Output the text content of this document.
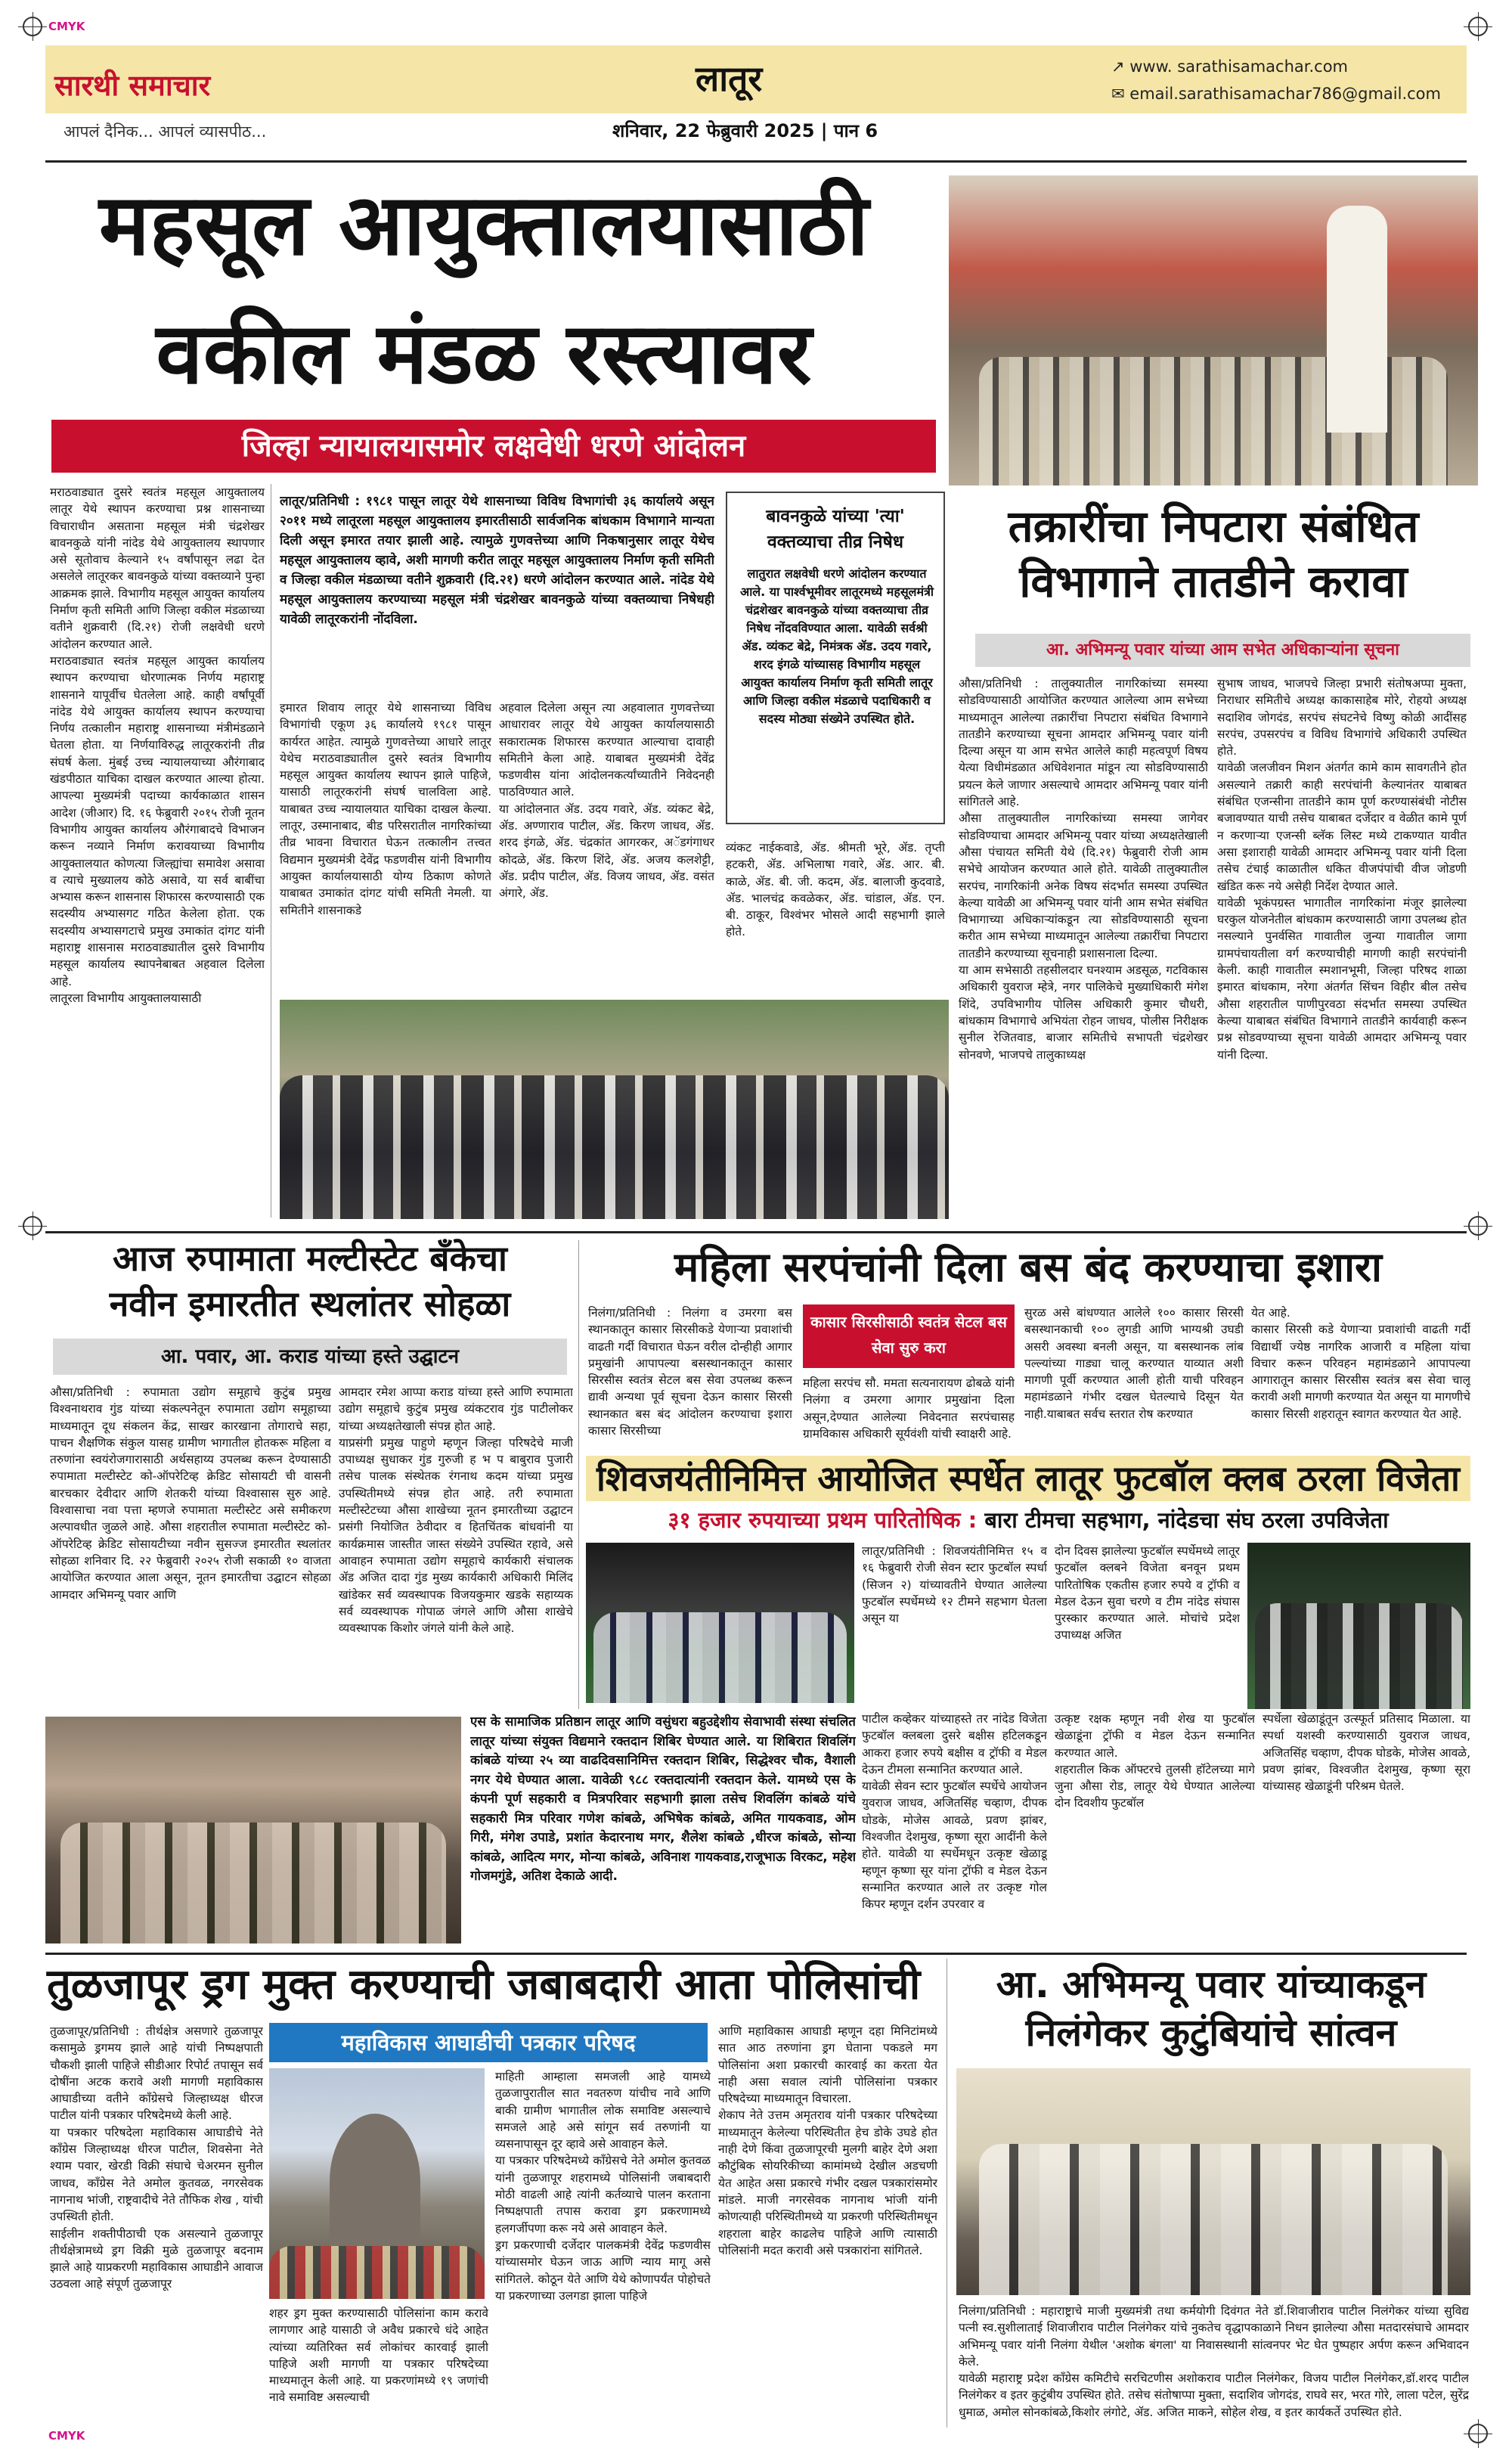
CMYK
CMYK
सारथी समाचार
आपलं दैनिक... आपलं व्यासपीठ...
लातूर
शनिवार, 22 फेब्रुवारी 2025 | पान 6
↗ www. sarathisamachar.com
✉ email.sarathisamachar786@gmail.com
महसूल आयुक्तालयासाठी
वकील मंडळ रस्त्यावर
जिल्हा न्यायालयासमोर लक्षवेधी धरणे आंदोलन
मराठवाड्यात दुसरे स्वतंत्र महसूल आयुक्तालय लातूर येथे स्थापन करण्याचा प्रश्न शासनाच्या विचाराधीन असताना महसूल मंत्री चंद्रशेखर बावनकुळे यांनी नांदेड येथे आयुक्तालय स्थापणार असे सूतोवाच केल्याने १५ वर्षांपासून लढा देत असलेले लातूरकर बावनकुळे यांच्या वक्तव्याने पुन्हा आक्रमक झाले. विभागीय महसूल आयुक्त कार्यालय निर्माण कृती समिती आणि जिल्हा वकील मंडळाच्या वतीने शुक्रवारी (दि.२१) रोजी लक्षवेधी धरणे आंदोलन करण्यात आले.
मराठवाड्यात स्वतंत्र महसूल आयुक्त कार्यालय स्थापन करण्याचा धोरणात्मक निर्णय महाराष्ट्र शासनाने यापूर्वीच घेतलेला आहे. काही वर्षांपूर्वी नांदेड येथे आयुक्त कार्यालय स्थापन करण्याचा निर्णय तत्कालीन महाराष्ट्र शासनाच्या मंत्रीमंडळाने घेतला होता. या निर्णयाविरुद्ध लातूरकरांनी तीव्र संघर्ष केला. मुंबई उच्च न्यायालयाच्या औरंगाबाद खंडपीठात याचिका दाखल करण्यात आल्या होत्या. आपल्या मुख्यमंत्री पदाच्या कार्यकाळात शासन आदेश (जीआर) दि. १६ फेब्रुवारी २०१५ रोजी नूतन विभागीय आयुक्त कार्यालय औरंगाबादचे विभाजन करून नव्याने निर्माण करावयाच्या विभागीय आयुक्तालयात कोणत्या जिल्ह्यांचा समावेश असावा व त्याचे मुख्यालय कोठे असावे, या सर्व बाबींचा अभ्यास करून शासनास शिफारस करण्यासाठी एक सदस्यीय अभ्यासगट गठित केलेला होता. एक सदस्यीय अभ्यासगटाचे प्रमुख उमाकांत दांगट यांनी महाराष्ट्र शासनास मराठवाड्यातील दुसरे विभागीय महसूल कार्यालय स्थापनेबाबत अहवाल दिलेला आहे.
लातूरला विभागीय आयुक्तालयासाठी
लातूर/प्रतिनिधी : १९८१ पासून लातूर येथे शासनाच्या विविध विभागांची ३६ कार्यालये असून २०११ मध्ये लातूरला महसूल आयुक्तालय इमारतीसाठी सार्वजनिक बांधकाम विभागाने मान्यता दिली असून इमारत तयार झाली आहे. त्यामुळे गुणवत्तेच्या आणि निकषानुसार लातूर येथेच महसूल आयुक्तालय व्हावे, अशी मागणी करीत लातूर महसूल आयुक्तालय निर्माण कृती समिती व जिल्हा वकील मंडळाच्या वतीने शुक्रवारी (दि.२१) धरणे आंदोलन करण्यात आले. नांदेड येथे महसूल आयुक्तालय करण्याच्या महसूल मंत्री चंद्रशेखर बावनकुळे यांच्या वक्तव्याचा निषेधही यावेळी लातूरकरांनी नोंदविला.
बावनकुळे यांच्या 'त्या' वक्तव्याचा तीव्र निषेध
लातुरात लक्षवेधी धरणे आंदोलन करण्यात आले. या पार्श्वभूमीवर लातूरमध्ये महसूलमंत्री चंद्रशेखर बावनकुळे यांच्या वक्तव्याचा तीव्र निषेध नोंदवविण्यात आला. यावेळी सर्वश्री ॲड. व्यंकट बेद्रे, निमंत्रक ॲड. उदय गवारे, शरद इंगळे यांच्यासह विभागीय महसूल आयुक्त कार्यालय निर्माण कृती समिती लातूर आणि जिल्हा वकील मंडळाचे पदाधिकारी व सदस्य मोठ्या संख्येने उपस्थित होते.
इमारत शिवाय लातूर येथे शासनाच्या विविध विभागांची एकूण ३६ कार्यालये १९८१ पासून कार्यरत आहेत. त्यामुळे गुणवत्तेच्या आधारे लातूर येथेच मराठवाड्यातील दुसरे स्वतंत्र विभागीय महसूल आयुक्त कार्यालय स्थापन झाले पाहिजे, यासाठी लातूरकरांनी संघर्ष चालविला आहे. याबाबत उच्च न्यायालयात याचिका दाखल केल्या. लातूर, उस्मानाबाद, बीड परिसरातील नागरिकांच्या तीव्र भावना विचारात घेऊन तत्कालीन तत्त्वत विद्यमान मुख्यमंत्री देवेंद्र फडणवीस यांनी विभागीय आयुक्त कार्यालयासाठी योग्य ठिकाण कोणते याबाबत उमाकांत दांगट यांची समिती नेमली. या समितीने शासनाकडे
अहवाल दिलेला असून त्या अहवालात गुणवत्तेच्या आधारावर लातूर येथे आयुक्त कार्यालयासाठी सकारात्मक शिफारस करण्यात आल्याचा दावाही समितीने केला आहे. याबाबत मुख्यमंत्री देवेंद्र फडणवीस यांना आंदोलनकर्त्यांच्यातीने निवेदनही पाठविण्यात आले.
या आंदोलनात ॲड. उदय गवारे, ॲड. व्यंकट बेद्रे, ॲड. अण्णाराव पाटील, ॲड. किरण जाधव, ॲड. शरद इंगळे, ॲड. चंद्रकांत आगरकर, अॅडगंगाधर कोदळे, ॲड. किरण शिंदे, ॲड. अजय कलशेट्टी, ॲड. प्रदीप पाटील, ॲड. विजय जाधव, ॲड. वसंत अंगारे, ॲड.
व्यंकट नाईकवाडे, ॲड. श्रीमती भूरे, ॲड. तृप्ती हटकरी, ॲड. अभिलाषा गवारे, ॲड. आर. बी. काळे, ॲड. बी. जी. कदम, ॲड. बालाजी कुदवाडे, ॲड. भालचंद्र कवळेकर, ॲड. चांडाल, ॲड. एन. बी. ठाकूर, विश्वंभर भोसले आदी सहभागी झाले होते.
तक्रारींचा निपटारा संबंधित विभागाने तातडीने करावा
आ. अभिमन्यू पवार यांच्या आम सभेत अधिकाऱ्यांना सूचना
औसा/प्रतिनिधी : तालुक्यातील नागरिकांच्या समस्या सोडविण्यासाठी आयोजित करण्यात आलेल्या आम सभेच्या माध्यमातून आलेल्या तक्रारींचा निपटारा संबंधित विभागाने तातडीने करण्याच्या सूचना आमदार अभिमन्यू पवार यांनी दिल्या असून या आम सभेत आलेले काही महत्वपूर्ण विषय येत्या विधीमंडळात अधिवेशनात मांडून त्या सोडविण्यासाठी प्रयत्न केले जाणार असल्याचे आमदार अभिमन्यू पवार यांनी सांगितले आहे.
औसा तालुक्यातील नागरिकांच्या समस्या जागेवर सोडविण्याचा आमदार अभिमन्यू पवार यांच्या अध्यक्षतेखाली औसा पंचायत समिती येथे (दि.२१) फेब्रुवारी रोजी आम सभेचे आयोजन करण्यात आले होते. यावेळी तालुक्यातील सरपंच, नागरिकांनी अनेक विषय संदर्भात समस्या उपस्थित केल्या यावेळी आ अभिमन्यू पवार यांनी आम सभेत संबंधित विभागाच्या अधिकाऱ्यांकडून त्या सोडविण्यासाठी सूचना करीत आम सभेच्या माध्यमातून आलेल्या तक्रारींचा निपटारा तातडीने करण्याच्या सूचनाही प्रशासनाला दिल्या.
या आम सभेसाठी तहसीलदार घनश्याम अडसूळ, गटविकास अधिकारी युवराज म्हेत्रे, नगर पालिकेचे मुख्याधिकारी मंगेश शिंदे, उपविभागीय पोलिस अधिकारी कुमार चौधरी, बांधकाम विभागाचे अभियंता रोहन जाधव, पोलीस निरीक्षक सुनील रेजितवाड, बाजार समितीचे सभापती चंद्रशेखर सोनवणे, भाजपचे तालुकाध्यक्ष
सुभाष जाधव, भाजपचे जिल्हा प्रभारी संतोषअप्पा मुक्ता, निराधार समितीचे अध्यक्ष काकासाहेब मोरे, रोहयो अध्यक्ष सदाशिव जोगदंड, सरपंच संघटनेचे विष्णु कोळी आदींसह सरपंच, उपसरपंच व विविध विभागांचे अधिकारी उपस्थित होते.
यावेळी जलजीवन मिशन अंतर्गत कामे काम सावगतीने होत असल्याने तक्रारी काही सरपंचांनी केल्यानंतर याबाबत संबंधित एजन्सीना तातडीने काम पूर्ण करण्यासंबंधी नोटीस बजावण्यात याची तसेच याबाबत दर्जेदार व वेळीत कामे पूर्ण न करणाऱ्या एजन्सी ब्लॅक लिस्ट मध्ये टाकण्यात यावीत असा इशाराही यावेळी आमदार अभिमन्यू पवार यांनी दिला तसेच टंचाई काळातील धकित वीजपंपांची वीज जोडणी खंडित करू नये असेही निर्देश देण्यात आले.
यावेळी भूकंपग्रस्त भागातील नागरिकांना मंजूर झालेल्या घरकुल योजनेतील बांधकाम करण्यासाठी जागा उपलब्ध होत नसल्याने पुनर्वसित गावातील जुन्या गावातील जागा ग्रामपंचायतीला वर्ग करण्याचीही मागणी काही सरपंचांनी केली. काही गावातील स्मशानभूमी, जिल्हा परिषद शाळा इमारत बांधकाम, नरेगा अंतर्गत सिंचन विहीर बील तसेच औसा शहरातील पाणीपुरवठा संदर्भात समस्या उपस्थित केल्या याबाबत संबंधित विभागाने तातडीने कार्यवाही करून प्रश्न सोडवण्याच्या सूचना यावेळी आमदार अभिमन्यू पवार यांनी दिल्या.
आज रुपामाता मल्टीस्टेट बँकेचा
नवीन इमारतीत स्थलांतर सोहळा
आ. पवार, आ. कराड यांच्या हस्ते उद्घाटन
औसा/प्रतिनिधी : रुपामाता उद्योग समूहाचे कुटुंब प्रमुख विश्वनाथराव गुंड यांच्या संकल्पनेतून रुपामाता उद्योग समूहाच्या माध्यमातून दूध संकलन केंद्र, साखर कारखाना तोगाराचे सहा, पाचन शैक्षणिक संकुल यासह ग्रामीण भागातील होतकरू महिला व तरुणांना स्वयंरोजगारासाठी अर्थसहाय्य उपलब्ध करून देण्यासाठी रुपामाता मल्टीस्टेट को-ऑपरेटिव्ह क्रेडिट सोसायटी ची वासनी बारचकार देवीदार आणि शेतकरी यांच्या विश्वासास सुरु आहे. विश्वासाचा नवा पत्ता म्हणजे रुपामाता मल्टीस्टेट असे समीकरण अल्पावधीत जुळले आहे. औसा शहरातील रुपामाता मल्टीस्टेट को-ऑपरेटिव्ह क्रेडिट सोसायटीच्या नवीन सुसज्ज इमारतीत स्थलांतर सोहळा शनिवार दि. २२ फेब्रुवारी २०२५ रोजी सकाळी १० वाजता आयोजित करण्यात आला असून, नूतन इमारतीचा उद्घाटन सोहळा आमदार अभिमन्यू पवार आणि
आमदार रमेश आप्पा कराड यांच्या हस्ते आणि रुपामाता उद्योग समूहाचे कुटुंब प्रमुख व्यंकटराव गुंड पाटीलोकर यांच्या अध्यक्षतेखाली संपन्न होत आहे.
याप्रसंगी प्रमुख पाहुणे म्हणून जिल्हा परिषदेचे माजी उपाध्यक्ष सुधाकर गुंड गुरुजी ह भ प बाबुराव पुजारी तसेच पालक संस्थेतक रंगनाथ कदम यांच्या प्रमुख उपस्थितीमध्ये संपन्न होत आहे. तरी रुपामाता मल्टीस्टेटच्या औसा शाखेच्या नूतन इमारतीच्या उद्घाटन प्रसंगी नियोजित ठेवीदार व हितचिंतक बांधवांनी या कार्यक्रमास जास्तीत जास्त संख्येने उपस्थित रहावे, असे आवाहन रुपामाता उद्योग समूहाचे कार्यकारी संचालक ॲड अजित दादा गुंड मुख्य कार्यकारी अधिकारी मिलिंद खांडेकर सर्व व्यवस्थापक विजयकुमार खडके सहाय्यक सर्व व्यवस्थापक गोपाळ जंगले आणि औसा शाखेचे व्यवस्थापक किशोर जंगले यांनी केले आहे.
महिला सरपंचांनी दिला बस बंद करण्याचा इशारा
निलंगा/प्रतिनिधी : निलंगा व उमरगा बस स्थानकातून कासार सिरसीकडे येणाऱ्या प्रवाशांची वाढती गर्दी विचारात घेऊन वरील दोन्हीही आगार प्रमुखांनी आपापल्या बसस्थानकातून कासार सिरसीस स्वतंत्र सेटल बस सेवा उपलब्ध करून द्यावी अन्यथा पूर्व सूचना देऊन कासार सिरसी स्थानकात बस बंद आंदोलन करण्याचा इशारा कासार सिरसीच्या
कासार सिरसीसाठी स्वतंत्र सेटल बस सेवा सुरु करा
महिला सरपंच सौ. ममता सत्यनारायण ढोबळे यांनी निलंगा व उमरगा आगार प्रमुखांना दिला असून,देण्यात आलेल्या निवेदनात सरपंचासह ग्रामविकास अधिकारी सूर्यवंशी यांची स्वाक्षरी आहे.
सुरळ असे बांधण्यात आलेले १०० कासार सिरसी बसस्थानकाची १०० लुगडी आणि भाग्यश्री उघडी असरी अवस्था बनली असून, या बसस्थानक लांब पल्ल्यांच्या गाड्या चालू करण्यात याव्यात अशी मागणी पूर्वी करण्यात आली होती याची परिवहन महामंडळाने गंभीर दखल घेतल्याचे दिसून येत नाही.याबाबत सर्वच स्तरात रोष करण्यात
येत आहे.
कासार सिरसी कडे येणाऱ्या प्रवाशांची वाढती गर्दी विद्यार्थी ज्येष्ठ नागरिक आजारी व महिला यांचा विचार करून परिवहन महामंडळाने आपापल्या आगारातून कासार सिरसीस स्वतंत्र बस सेवा चालू करावी अशी मागणी करण्यात येत असून या मागणीचे कासार सिरसी शहरातून स्वागत करण्यात येत आहे.
शिवजयंतीनिमित्त आयोजित स्पर्धेत लातूर फुटबॉल क्लब ठरला विजेता
३१ हजार रुपयाच्या प्रथम पारितोषिक : बारा टीमचा सहभाग, नांदेडचा संघ ठरला उपविजेता
लातूर/प्रतिनिधी : शिवजयंतीनिमित्त १५ व १६ फेब्रुवारी रोजी सेवन स्टार फुटबॉल स्पर्धा (सिजन २) यांच्यावतीने घेण्यात आलेल्या फुटबॉल स्पर्धेमध्ये १२ टीमने सहभाग घेतला असून या
दोन दिवस झालेल्या फुटबॉल स्पर्धेमध्ये लातूर फुटबॉल क्लबने विजेता बनवून प्रथम पारितोषिक एकतीस हजार रुपये व ट्रॉफी व मेडल देऊन सुवा चरणे व टीम नांदेड संघास पुरस्कार करण्यात आले. मोचांचे प्रदेश उपाध्यक्ष अजित
पाटील कव्हेकर यांच्याहस्ते तर नांदेड विजेता फुटबॉल क्लबला दुसरे बक्षीस हटिलकडून आकरा हजार रुपये बक्षीस व ट्रॉफी व मेडल देऊन टीमला सन्मानित करण्यात आले.
यावेळी सेवन स्टार फुटबॉल स्पर्धेचे आयोजन युवराज जाधव, अजितसिंह चव्हाण, दीपक घोडके, मोजेस आवळे, प्रवण झांबर, विश्वजीत देशमुख, कृष्णा सूरा आदींनी केले होते. यावेळी या स्पर्धेमधून उत्कृष्ट खेळाडू म्हणून कृष्णा सूर यांना ट्रॉफी व मेडल देऊन सन्मानित करण्यात आले तर उत्कृष्ट गोल किपर म्हणून दर्शन उपरवार व
उत्कृष्ट रक्षक म्हणून नवी शेख या फुटबॉल खेळाडूंना ट्रॉफी व मेडल देऊन सन्मानित करण्यात आले.
शहरातील किक ऑफ्टरचे तुलसी हॉटेलच्या मागे जुना औसा रोड, लातूर येथे घेण्यात आलेल्या दोन दिवशीय फुटबॉल
स्पर्धेला खेळाडूंतून उत्स्फूर्त प्रतिसाद मिळाला. या स्पर्धा यशस्वी करण्यासाठी युवराज जाधव, अजितसिंह चव्हाण, दीपक घोडके, मोजेस आवळे, प्रवण झांबर, विश्वजीत देशमुख, कृष्णा सूरा यांच्यासह खेळाडूंनी परिश्रम घेतले.
एस के सामाजिक प्रतिष्ठान लातूर आणि वसुंधरा बहुउद्देशीय सेवाभावी संस्था संचलित लातूर यांच्या संयुक्त विद्यमाने रक्तदान शिबिर घेण्यात आले. या शिबिरात शिवलिंग कांबळे यांच्या २५ व्या वाढदिवसानिमित्त रक्तदान शिबिर, सिद्धेश्वर चौक, वैशाली नगर येथे घेण्यात आला. यावेळी ९८८ रक्तदात्यांनी रक्तदान केले. यामध्ये एस के कंपनी पूर्ण सहकारी व मित्रपरिवार सहभागी झाला तसेच शिवलिंग कांबळे यांचे सहकारी मित्र परिवार गणेश कांबळे, अभिषेक कांबळे, अमित गायकवाड, ओम गिरी, मंगेश उपाडे, प्रशांत केदारनाथ मगर, शैलेश कांबळे ,धीरज कांबळे, सोन्या कांबळे, आदित्य मगर, मोन्या कांबळे, अविनाश गायकवाड,राजूभाऊ विरकट, महेश गोजमगुंडे, अतिश देकाळे आदी.
तुळजापूर ड्रग मुक्त करण्याची जबाबदारी आता पोलिसांची
तुळजापूर/प्रतिनिधी : तीर्थक्षेत्र असणारे तुळजापूर कसामुळे ड्रगमय झाले आहे यांची निष्पक्षपाती चौकशी झाली पाहिजे सीडीआर रिपोर्ट तपासून सर्व दोषींना अटक करावे अशी मागणी महाविकास आघाडीच्या वतीने काँग्रेसचे जिल्हाध्यक्ष धीरज पाटील यांनी पत्रकार परिषदेमध्ये केली आहे.
या पत्रकार परिषदेला महाविकास आघाडीचे नेते काँग्रेस जिल्हाध्यक्ष धीरज पाटील, शिवसेना नेते श्याम पवार, खेरडी विक्री संघाचे चेअरमन सुनील जाधव, काँग्रेस नेते अमोल कुतवळ, नगरसेवक नागनाथ भांजी, राष्ट्रवादीचे नेते तौफिक शेख , यांची उपस्थिती होती.
साईलीन शक्तीपीठाची एक असल्याने तुळजापूर तीर्थक्षेत्रामध्ये ड्रग विक्री मुळे तुळजापूर बदनाम झाले आहे याप्रकरणी महाविकास आघाडीने आवाज उठवला आहे संपूर्ण तुळजापूर
महाविकास आघाडीची पत्रकार परिषद
शहर ड्रग मुक्त करण्यासाठी पोलिसांना काम करावे लागणार आहे यासाठी जे अवैध प्रकारचे धंदे आहेत त्यांच्या व्यतिरिक्त सर्व लोकांचर कारवाई झाली पाहिजे अशी मागणी या पत्रकार परिषदेच्या माध्यमातून केली आहे. या प्रकरणांमध्ये १९ जणांची नावे समाविष्ट असल्याची
माहिती आम्हाला समजली आहे यामध्ये तुळजापुरातील सात नवतरुण यांचीच नावे आणि बाकी ग्रामीण भागातील लोक समाविष्ट असल्याचे समजले आहे असे सांगून सर्व तरुणांनी या व्यसनापासून दूर व्हावे असे आवाहन केले.
या पत्रकार परिषदेमध्ये काँग्रेसचे नेते अमोल कुतवळ यांनी तुळजापूर शहरामध्ये पोलिसांनी जबाबदारी मोठी वाढली आहे त्यांनी कर्तव्याचे पालन करताना निष्पक्षपाती तपास करावा ड्रग प्रकरणामध्ये हलगर्जीपणा करू नये असे आवाहन केले.
ड्रग प्रकरणाची दर्जेदार पालकमंत्री देवेंद्र फडणवीस यांच्यासमोर घेऊन जाऊ आणि न्याय मागू असे सांगितले. कोठून येते आणि येथे कोणापर्यंत पोहोचते या प्रकरणाच्या उलगडा झाला पाहिजे
आणि महाविकास आघाडी म्हणून दहा मिनिटांमध्ये सात आठ तरुणांना ड्रग घेताना पकडले मग पोलिसांना अशा प्रकारची कारवाई का करता येत नाही असा सवाल त्यांनी पोलिसांना पत्रकार परिषदेच्या माध्यमातून विचारला.
शेकाप नेते उत्तम अमृतराव यांनी पत्रकार परिषदेच्या माध्यमातून केलेल्या परिस्थितीत हेच डोके उघडे होत नाही देणे किंवा तुळजापूरची मुलगी बाहेर देणे अशा कौटुंबिक सोयरिकीच्या कामांमध्ये देखील अडचणी येत आहेत असा प्रकारचे गंभीर दखल पत्रकारांसमोर मांडले. माजी नगरसेवक नागनाथ भांजी यांनी कोणत्याही परिस्थितीमध्ये या प्रकरणी परिस्थितीमधून शहराला बाहेर काढलेच पाहिजे आणि त्यासाठी पोलिसांनी मदत करावी असे पत्रकारांना सांगितले.
आ. अभिमन्यू पवार यांच्याकडून
निलंगेकर कुटुंबियांचे सांत्वन
निलंगा/प्रतिनिधी : महाराष्ट्राचे माजी मुख्यमंत्री तथा कर्मयोगी दिवंगत नेते डॉ.शिवाजीराव पाटील निलंगेकर यांच्या सुविद्य पत्नी स्व.सुशीलाताई शिवाजीराव पाटील निलंगेकर यांचे नुकतेच वृद्धापकाळाने निधन झालेल्या औसा मतदारसंघाचे आमदार अभिमन्यू पवार यांनी निलंगा येथील 'अशोक बंगला' या निवासस्थानी सांत्वनपर भेट घेत पुष्पहार अर्पण करून अभिवादन केले.
यावेळी महाराष्ट्र प्रदेश काँग्रेस कमिटीचे सरचिटणीस अशोकराव पाटील निलंगेकर, विजय पाटील निलंगेकर,डॉ.शरद पाटील निलंगेकर व इतर कुटुंबीय उपस्थित होते. तसेच संतोषाप्पा मुक्ता, सदाशिव जोगदंड, राघवे सर, भरत गोरे, लाला पटेल, सुरेंद्र धुमाळ, अमोल सोनकांबळे,किशोर लंगोटे, ॲड. अजित माकने, सोहेल शेख, व इतर कार्यकर्ते उपस्थित होते.
